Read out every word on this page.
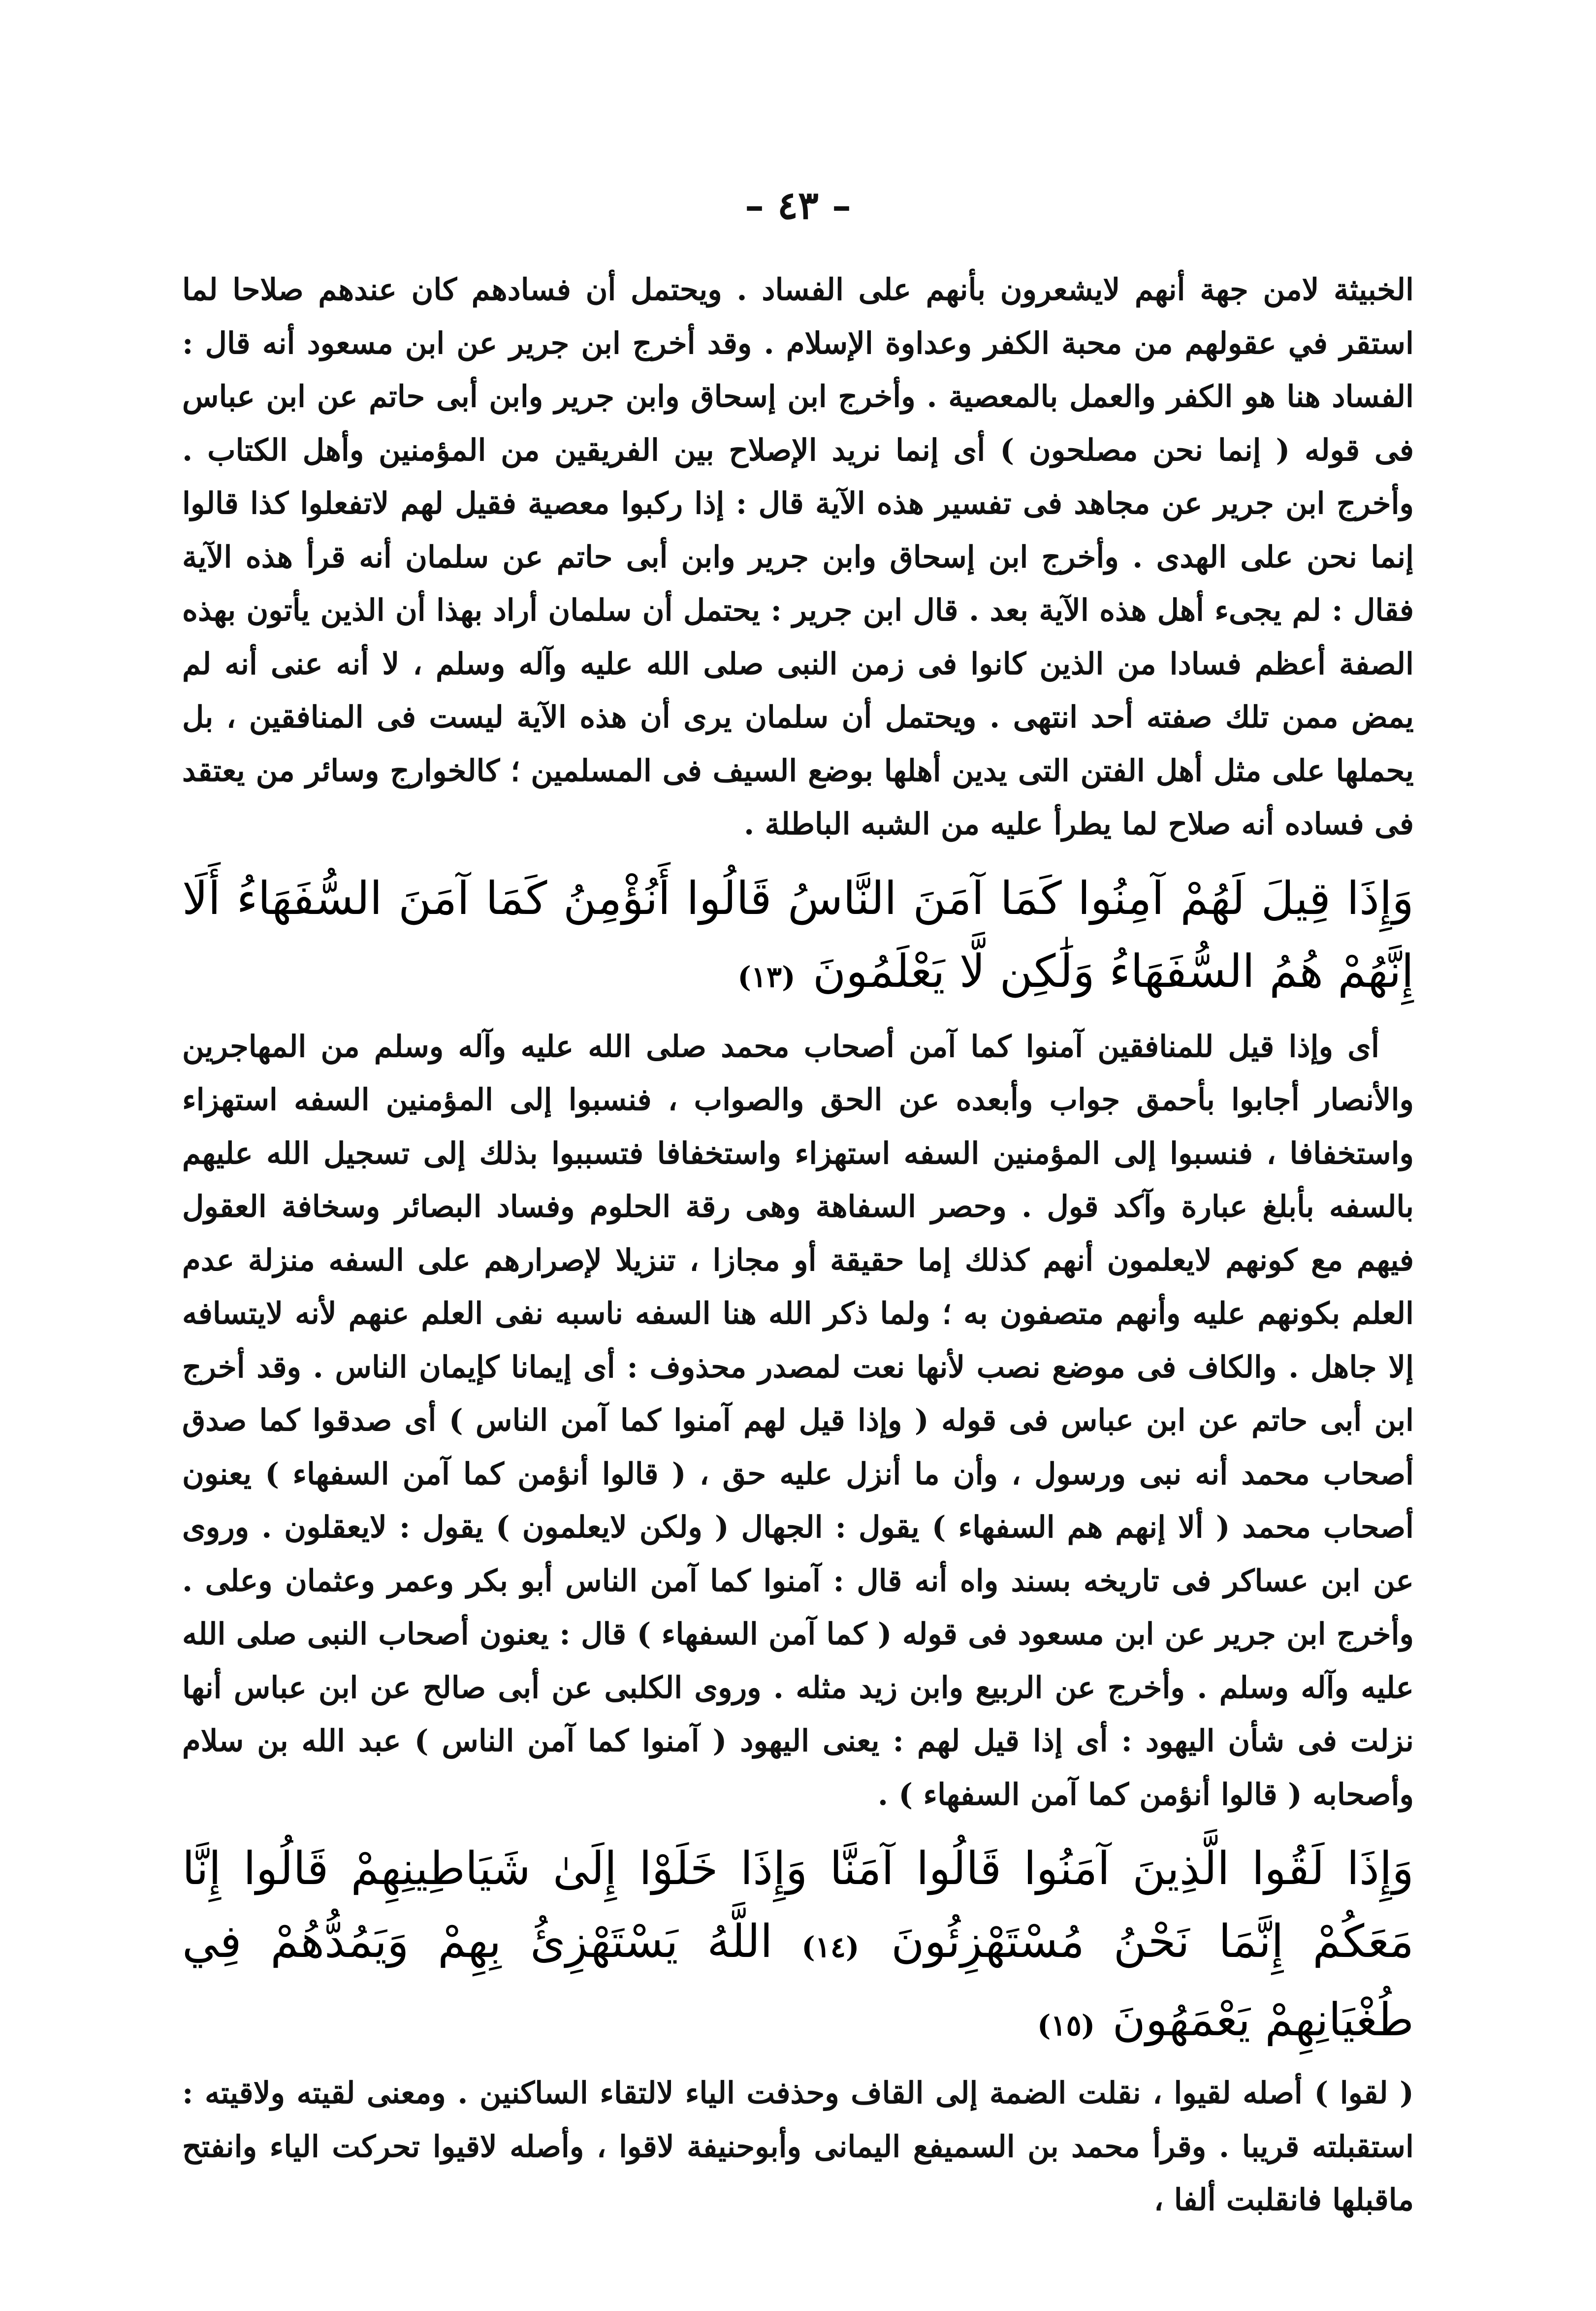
– ٤٣ –

الخبيثة لامن جهة أنهم لايشعرون بأنهم على الفساد . ويحتمل أن فسادهم كان عندهم صلاحا لما استقر في عقولهم من محبة الكفر وعداوة الإسلام . وقد أخرج ابن جرير عن ابن مسعود أنه قال : الفساد هنا هو الكفر والعمل بالمعصية . وأخرج ابن إسحاق وابن جرير وابن أبى حاتم عن ابن عباس فى قوله ( إنما نحن مصلحون ) أى إنما نريد الإصلاح بين الفريقين من المؤمنين وأهل الكتاب . وأخرج ابن جرير عن مجاهد فى تفسير هذه الآية قال : إذا ركبوا معصية فقيل لهم لاتفعلوا كذا قالوا إنما نحن على الهدى . وأخرج ابن إسحاق وابن جرير وابن أبى حاتم عن سلمان أنه قرأ هذه الآية فقال : لم يجىء أهل هذه الآية بعد . قال ابن جرير : يحتمل أن سلمان أراد بهذا أن الذين يأتون بهذه الصفة أعظم فسادا من الذين كانوا فى زمن النبى صلى الله عليه وآله وسلم ، لا أنه عنى أنه لم يمض ممن تلك صفته أحد انتهى . ويحتمل أن سلمان يرى أن هذه الآية ليست فى المنافقين ، بل يحملها على مثل أهل الفتن التى يدين أهلها بوضع السيف فى المسلمين ؛ كالخوارج وسائر من يعتقد فى فساده أنه صلاح لما يطرأ عليه من الشبه الباطلة .

وَإِذَا قِيلَ لَهُمْ آمِنُوا كَمَا آمَنَ النَّاسُ قَالُوا أَنُؤْمِنُ كَمَا آمَنَ السُّفَهَاءُ أَلَا إِنَّهُمْ هُمُ السُّفَهَاءُ وَلَٰكِن لَّا يَعْلَمُونَ (١٣)

أى وإذا قيل للمنافقين آمنوا كما آمن أصحاب محمد صلى الله عليه وآله وسلم من المهاجرين والأنصار أجابوا بأحمق جواب وأبعده عن الحق والصواب ، فنسبوا إلى المؤمنين السفه استهزاء واستخفافا ، فنسبوا إلى المؤمنين السفه استهزاء واستخفافا فتسببوا بذلك إلى تسجيل الله عليهم بالسفه بأبلغ عبارة وآكد قول . وحصر السفاهة وهى رقة الحلوم وفساد البصائر وسخافة العقول فيهم مع كونهم لايعلمون أنهم كذلك إما حقيقة أو مجازا ، تنزيلا لإصرارهم على السفه منزلة عدم العلم بكونهم عليه وأنهم متصفون به ؛ ولما ذكر الله هنا السفه ناسبه نفى العلم عنهم لأنه لايتسافه إلا جاهل . والكاف فى موضع نصب لأنها نعت لمصدر محذوف : أى إيمانا كإيمان الناس . وقد أخرج ابن أبى حاتم عن ابن عباس فى قوله ( وإذا قيل لهم آمنوا كما آمن الناس ) أى صدقوا كما صدق أصحاب محمد أنه نبى ورسول ، وأن ما أنزل عليه حق ، ( قالوا أنؤمن كما آمن السفهاء ) يعنون أصحاب محمد ( ألا إنهم هم السفهاء ) يقول : الجهال ( ولكن لايعلمون ) يقول : لايعقلون . وروى عن ابن عساكر فى تاريخه بسند واه أنه قال : آمنوا كما آمن الناس أبو بكر وعمر وعثمان وعلى . وأخرج ابن جرير عن ابن مسعود فى قوله ( كما آمن السفهاء ) قال : يعنون أصحاب النبى صلى الله عليه وآله وسلم . وأخرج عن الربيع وابن زيد مثله . وروى الكلبى عن أبى صالح عن ابن عباس أنها نزلت فى شأن اليهود : أى إذا قيل لهم : يعنى اليهود ( آمنوا كما آمن الناس ) عبد الله بن سلام وأصحابه ( قالوا أنؤمن كما آمن السفهاء ) .

وَإِذَا لَقُوا الَّذِينَ آمَنُوا قَالُوا آمَنَّا وَإِذَا خَلَوْا إِلَىٰ شَيَاطِينِهِمْ قَالُوا إِنَّا مَعَكُمْ إِنَّمَا نَحْنُ مُسْتَهْزِئُونَ (١٤) اللَّهُ يَسْتَهْزِئُ بِهِمْ وَيَمُدُّهُمْ فِي طُغْيَانِهِمْ يَعْمَهُونَ (١٥)

( لقوا ) أصله لقيوا ، نقلت الضمة إلى القاف وحذفت الياء لالتقاء الساكنين . ومعنى لقيته ولاقيته : استقبلته قريبا . وقرأ محمد بن السميفع اليمانى وأبوحنيفة لاقوا ، وأصله لاقيوا تحركت الياء وانفتح ماقبلها فانقلبت ألفا ،
